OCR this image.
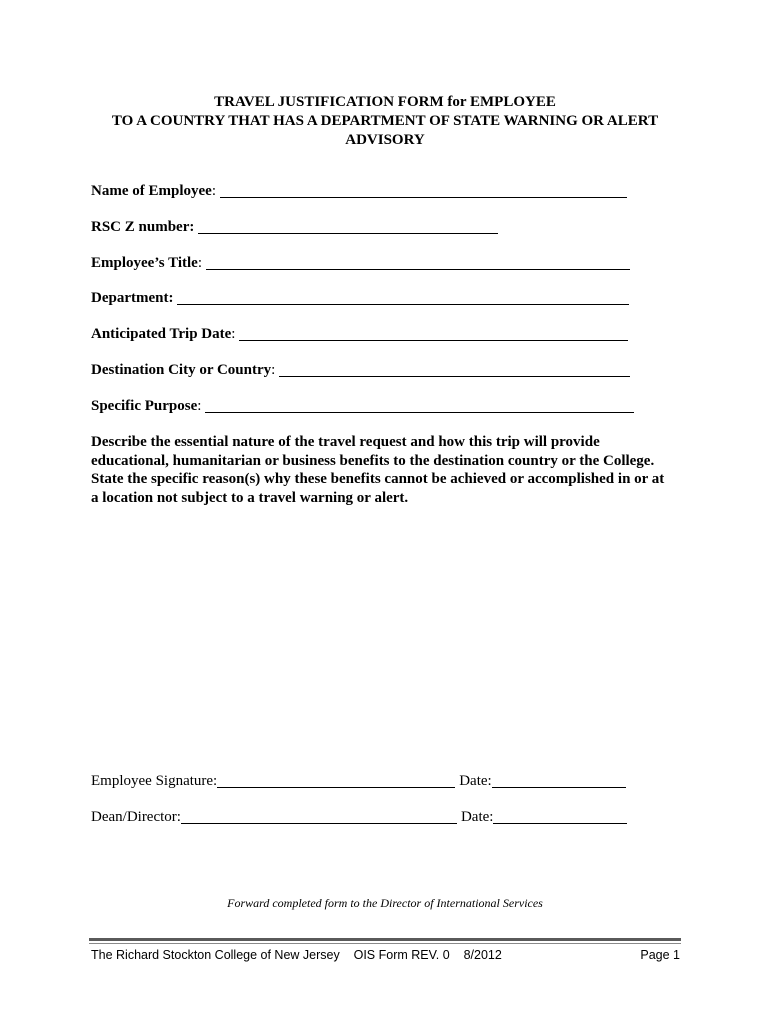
TRAVEL JUSTIFICATION FORM for EMPLOYEE
TO A COUNTRY THAT HAS A DEPARTMENT OF STATE WARNING OR ALERT
ADVISORY
Name of Employee:
RSC Z number:
Employee’s Title:
Department:
Anticipated Trip Date:
Destination City or Country:
Specific Purpose:

Describe the essential nature of the travel request and how this trip will provide

educational, humanitarian or business benefits to the destination country or the College.

State the specific reason(s) why these benefits cannot be achieved or accomplished in or at

a location not subject to a travel warning or alert.

Employee Signature:	Date:
Dean/Director:	Date:
Forward completed form to the Director of International Services
The Richard Stockton College of New Jersey    OIS Form REV. 0    8/2012	Page 1
